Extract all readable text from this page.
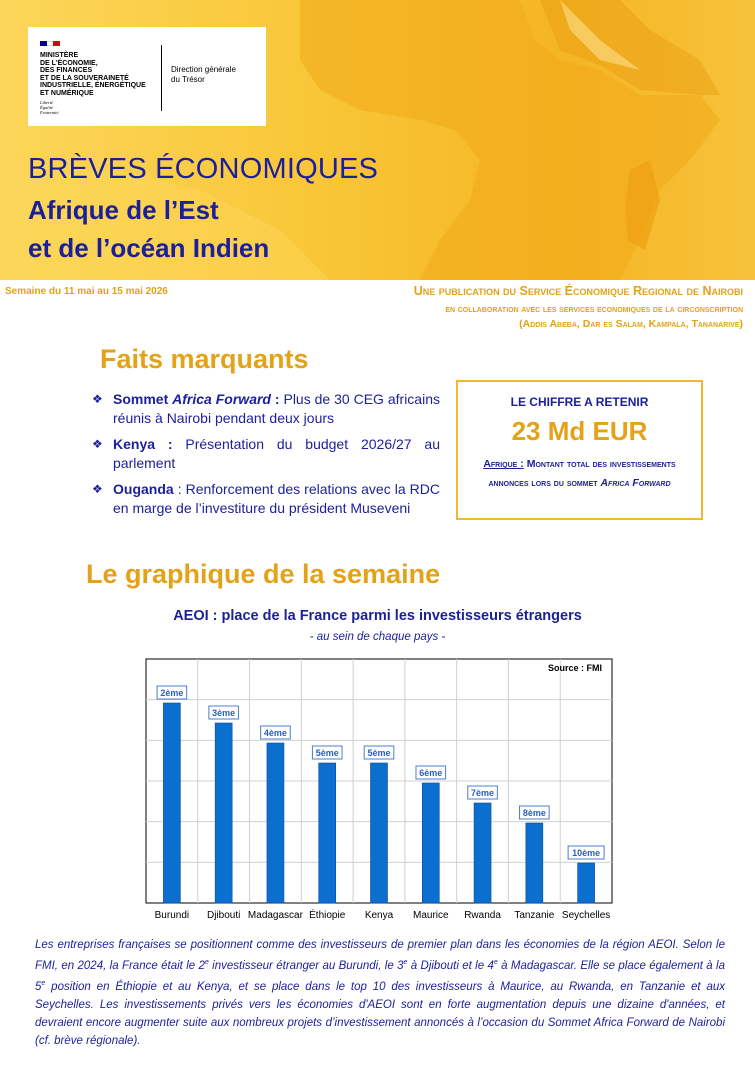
MINISTÈRE
DE L'ÉCONOMIE,
DES FINANCES
ET DE LA SOUVERAINETÉ
INDUSTRIELLE, ÉNERGÉTIQUE
ET NUMÉRIQUE
Liberté
Égalité
Fraternité
Direction générale
du Trésor
BRÈVES ÉCONOMIQUES
Afrique de l’Est
et de l’océan Indien
Semaine du 11 mai au 15 mai 2026	Une publication du Service Économique Regional de Nairobi
en collaboration avec les services economiques de la circonscription
(Addis Abeba, Dar es Salam, Kampala, Tananarive)
Faits marquants
❖ Sommet Africa Forward : Plus de 30 CEG africains réunis à Nairobi pendant deux jours
❖ Kenya : Présentation du budget 2026/27 au parlement
❖ Ouganda : Renforcement des relations avec la RDC en marge de l’investiture du président Museveni
LE CHIFFRE A RETENIR
23 Md EUR
Afrique : Montant total des investissements annonces lors du sommet Africa Forward
Le graphique de la semaine
AEOI : place de la France parmi les investisseurs étrangers
- au sein de chaque pays -
Source : FMI
2ème
Burundi
3ème
Djibouti
4ème
Madagascar
5ème
Éthiopie
5ème
Kenya
6ème
Maurice
7ème
Rwanda
8ème
Tanzanie
10ème
Seychelles
Les entreprises françaises se positionnent comme des investisseurs de premier plan dans les économies de la région AEOI. Selon le FMI, en 2024, la France était le 2e investisseur étranger au Burundi, le 3e à Djibouti et le 4e à Madagascar. Elle se place également à la 5e position en Éthiopie et au Kenya, et se place dans le top 10 des investisseurs à Maurice, au Rwanda, en Tanzanie et aux Seychelles. Les investissements privés vers les économies d'AEOI sont en forte augmentation depuis une dizaine d'années, et devraient encore augmenter suite aux nombreux projets d’investissement annoncés à l’occasion du Sommet Africa Forward de Nairobi (cf. brève régionale).
